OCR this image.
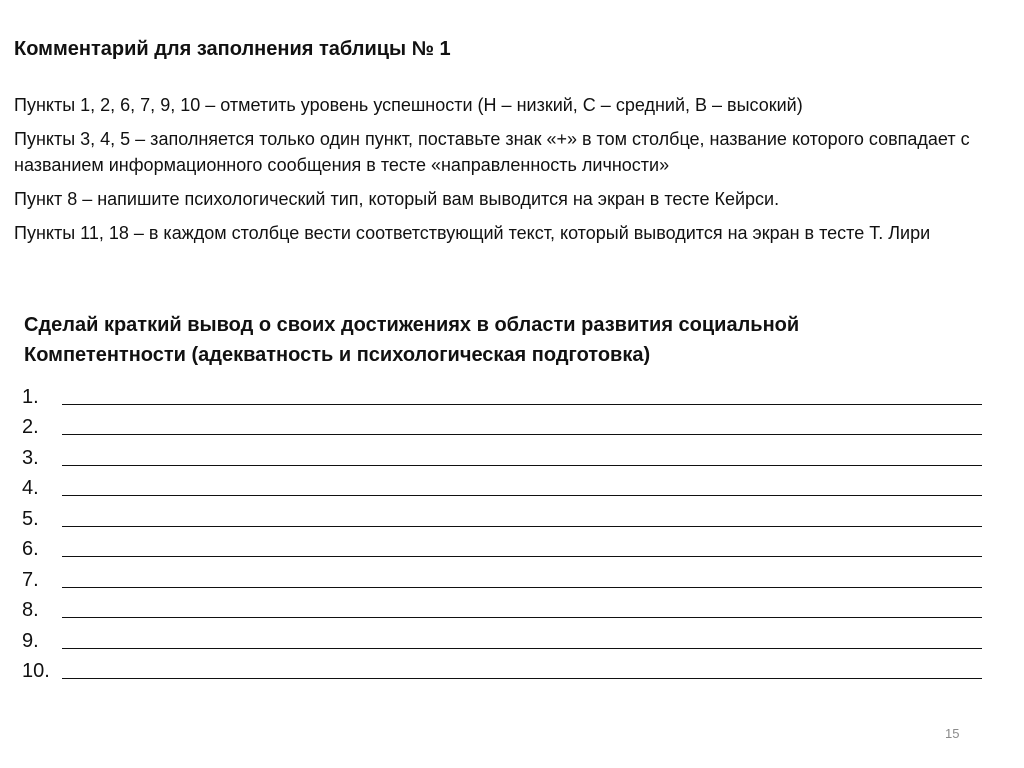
Комментарий для заполнения таблицы № 1

Пункты 1, 2, 6, 7, 9, 10 – отметить уровень успешности (Н – низкий, С – средний, В – высокий)

Пункты 3, 4, 5 – заполняется только один пункт, поставьте знак «+» в том столбце, название которого совпадает с названием информационного сообщения в тесте «направленность личности»

Пункт 8 – напишите психологический тип, который вам выводится на экран в тесте Кейрси.

Пункты 11, 18 – в каждом столбце вести соответствующий текст, который выводится на экран в тесте Т. Лири

Сделай краткий вывод о своих достижениях в области развития социальной Компетентности (адекватность и психологическая подготовка)
1.
2.
3.
4.
5.
6.
7.
8.
9.
10.
15
